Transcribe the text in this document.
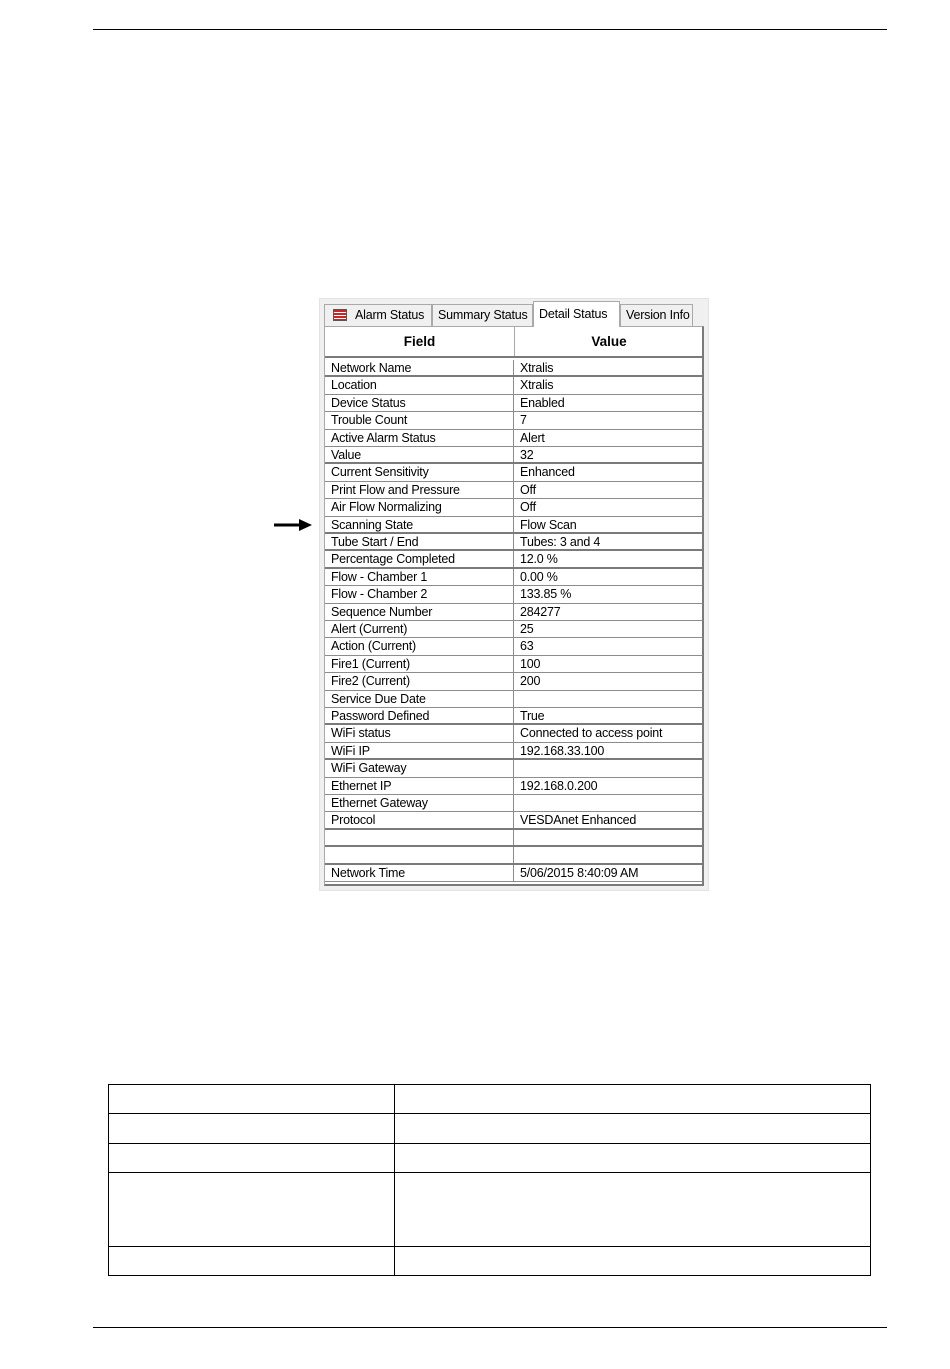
Alarm Status	Summary Status Detail Status	Version Info
Field	Value
Network Name	Xtralis
Location	Xtralis
Device Status	Enabled
Trouble Count	7
Active Alarm Status	Alert
Value	32
Current Sensitivity	Enhanced
Print Flow and Pressure	Off
Air Flow Normalizing	Off
Scanning State	Flow Scan
Tube Start / End	Tubes: 3 and 4
Percentage Completed	12.0 %
Flow - Chamber 1	0.00 %
Flow - Chamber 2	133.85 %
Sequence Number	284277
Alert (Current)	25
Action (Current)	63
Fire1 (Current)	100
Fire2 (Current)	200
Service Due Date
Password Defined	True
WiFi status	Connected to access point
WiFi IP	192.168.33.100
WiFi Gateway
Ethernet IP	192.168.0.200
Ethernet Gateway
Protocol	VESDAnet Enhanced
Network Time	5/06/2015 8:40:09 AM
